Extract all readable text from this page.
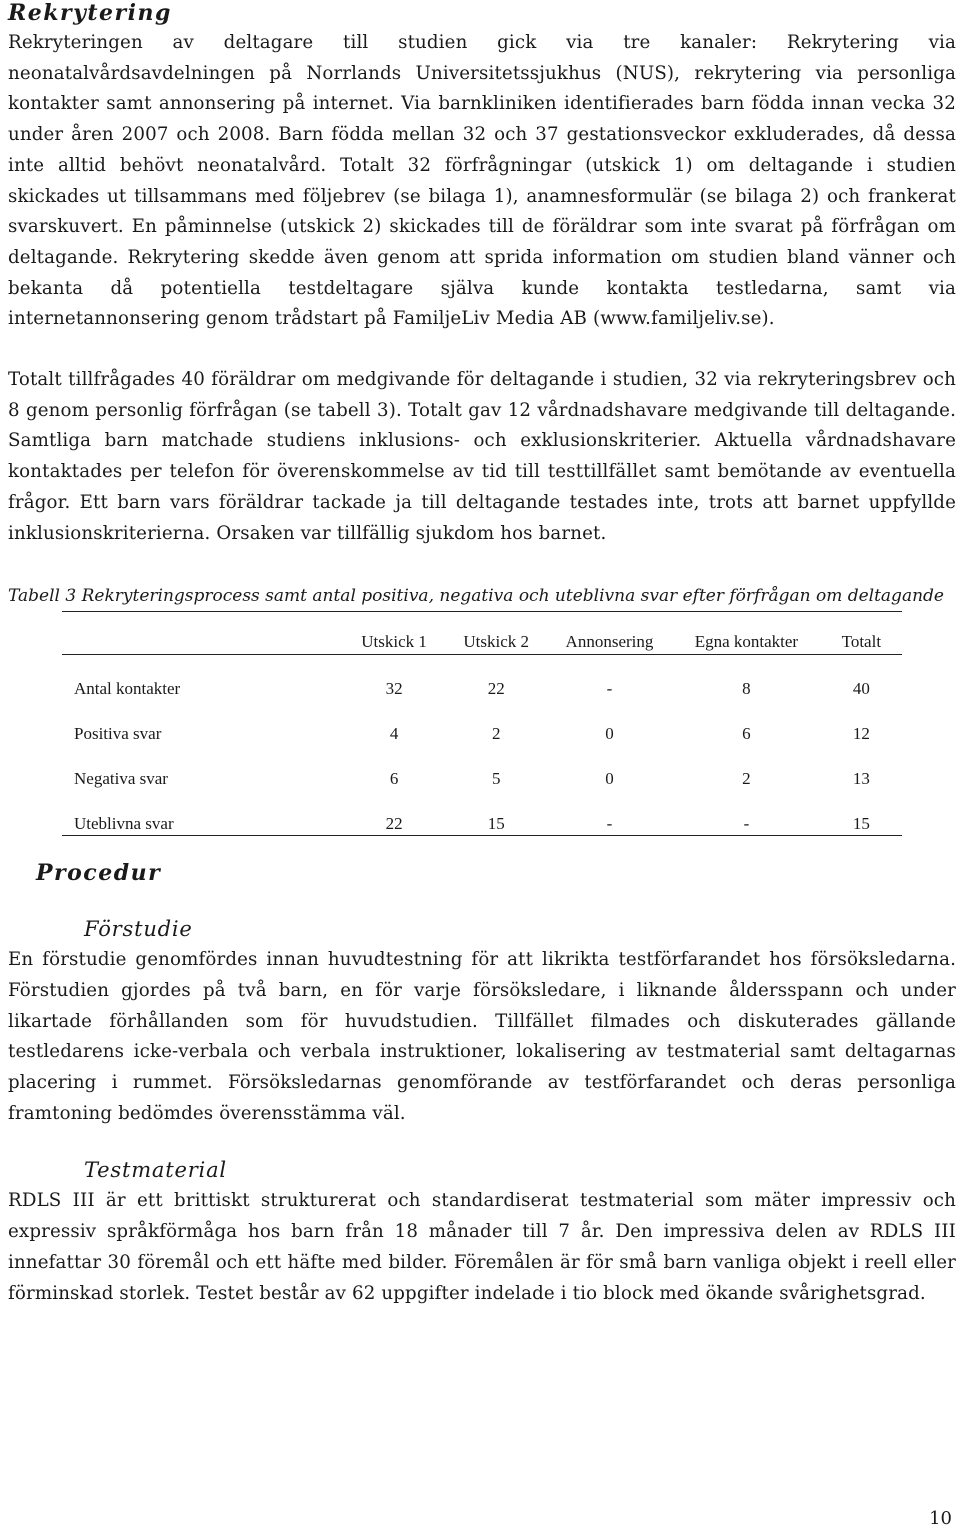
Rekrytering

Rekryteringen av deltagare till studien gick via tre kanaler: Rekrytering via neonatalvårdsavdelningen på Norrlands Universitetssjukhus (NUS), rekrytering via personliga kontakter samt annonsering på internet. Via barnkliniken identifierades barn födda innan vecka 32 under åren 2007 och 2008. Barn födda mellan 32 och 37 gestationsveckor exkluderades, då dessa inte alltid behövt neonatalvård. Totalt 32 förfrågningar (utskick 1) om deltagande i studien skickades ut tillsammans med följebrev (se bilaga 1), anamnesformulär (se bilaga 2) och frankerat svarskuvert. En påminnelse (utskick 2) skickades till de föräldrar som inte svarat på förfrågan om deltagande. Rekrytering skedde även genom att sprida information om studien bland vänner och bekanta då potentiella testdeltagare själva kunde kontakta testledarna, samt via internetannonsering genom trådstart på FamiljeLiv Media AB (www.familjeliv.se).

Totalt tillfrågades 40 föräldrar om medgivande för deltagande i studien, 32 via rekryteringsbrev och 8 genom personlig förfrågan (se tabell 3). Totalt gav 12 vårdnadshavare medgivande till deltagande. Samtliga barn matchade studiens inklusions- och exklusionskriterier. Aktuella vårdnadshavare kontaktades per telefon för överenskommelse av tid till testtillfället samt bemötande av eventuella frågor. Ett barn vars föräldrar tackade ja till deltagande testades inte, trots att barnet uppfyllde inklusionskriterierna. Orsaken var tillfällig sjukdom hos barnet.

Tabell 3 Rekryteringsprocess samt antal positiva, negativa och uteblivna svar efter förfrågan om deltagande

	Utskick 1	Utskick 2	Annonsering	Egna kontakter	Totalt
Antal kontakter	32	22	-	8	40
Positiva svar	4	2	0	6	12
Negativa svar	6	5	0	2	13
Uteblivna svar	22	15	-	-	15
Procedur
Förstudie

En förstudie genomfördes innan huvudtestning för att likrikta testförfarandet hos försöksledarna. Förstudien gjordes på två barn, en för varje försöksledare, i liknande åldersspann och under likartade förhållanden som för huvudstudien. Tillfället filmades och diskuterades gällande testledarens icke-verbala och verbala instruktioner, lokalisering av testmaterial samt deltagarnas placering i rummet. Försöksledarnas genomförande av testförfarandet och deras personliga framtoning bedömdes överensstämma väl.

Testmaterial

RDLS III är ett brittiskt strukturerat och standardiserat testmaterial som mäter impressiv och expressiv språkförmåga hos barn från 18 månader till 7 år. Den impressiva delen av RDLS III innefattar 30 föremål och ett häfte med bilder. Föremålen är för små barn vanliga objekt i reell eller förminskad storlek. Testet består av 62 uppgifter indelade i tio block med ökande svårighetsgrad.

10
